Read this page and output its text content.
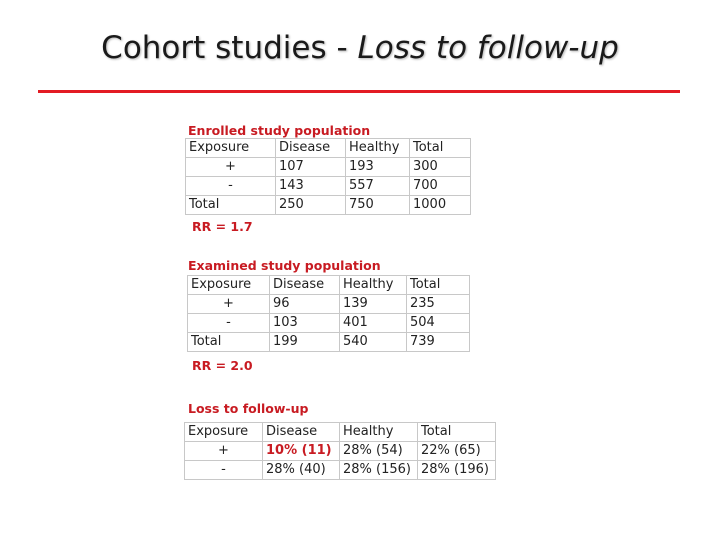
Cohort studies - Loss to follow-up
Enrolled study population
Exposure	Disease	Healthy	Total
+	107	193	300
-	143	557	700
Total	250	750	1000
RR = 1.7
Examined study population
Exposure	Disease	Healthy	Total
+	96	139	235
-	103	401	504
Total	199	540	739
RR = 2.0
Loss to follow-up
Exposure	Disease	Healthy	Total
+	10% (11)	28% (54)	22% (65)
-	28% (40)	28% (156)	28% (196)
